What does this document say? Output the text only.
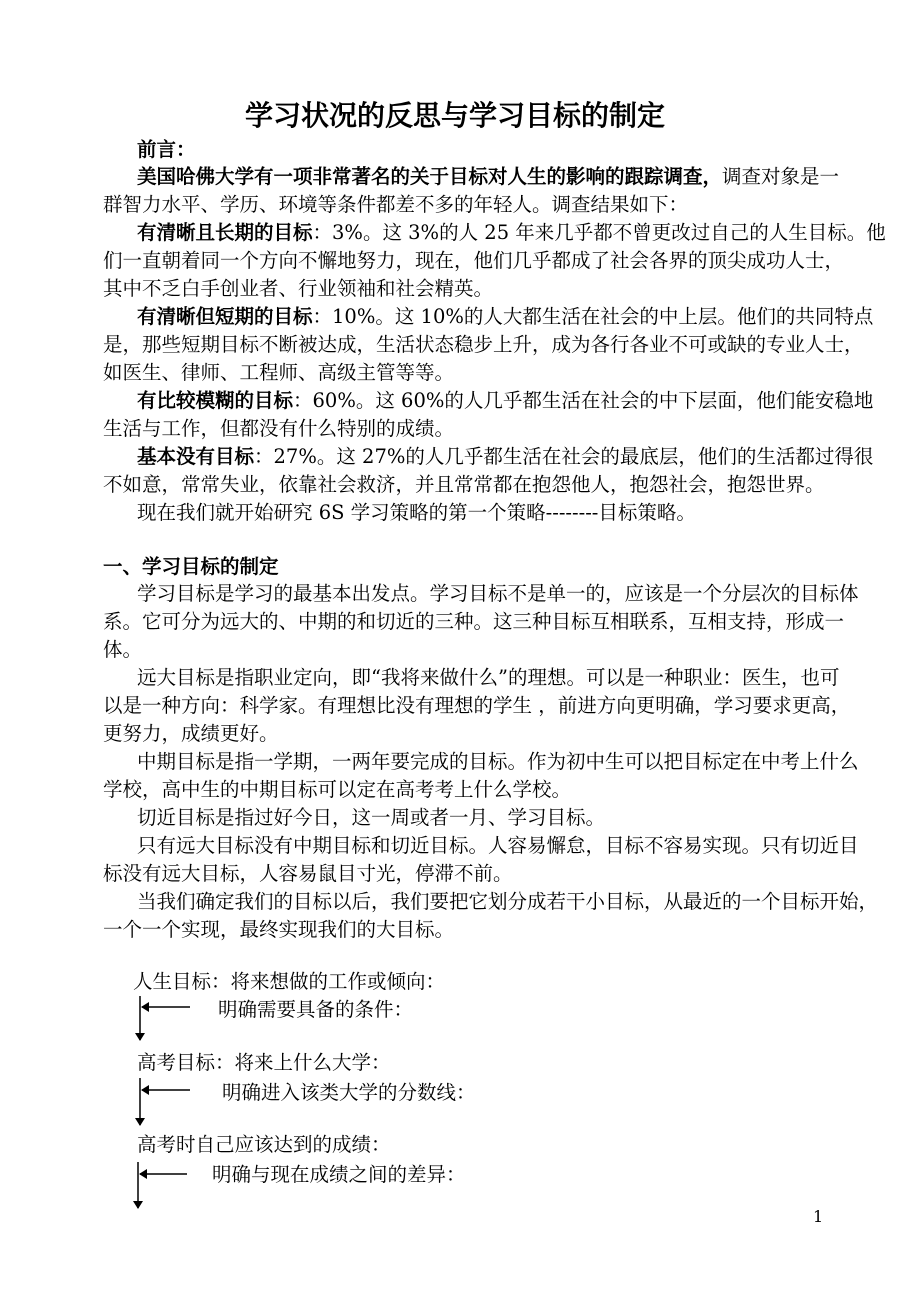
学习状况的反思与学习目标的制定
前言：
美国哈佛大学有一项非常著名的关于目标对人生的影响的跟踪调查，调查对象是一
群智力水平、学历、环境等条件都差不多的年轻人。调查结果如下：
有清晰且长期的目标：3%。这 3%的人 25 年来几乎都不曾更改过自己的人生目标。他
们一直朝着同一个方向不懈地努力，现在，他们几乎都成了社会各界的顶尖成功人士，
其中不乏白手创业者、行业领袖和社会精英。
有清晰但短期的目标：10%。这 10%的人大都生活在社会的中上层。他们的共同特点
是，那些短期目标不断被达成，生活状态稳步上升，成为各行各业不可或缺的专业人士，
如医生、律师、工程师、高级主管等等。
有比较模糊的目标：60%。这 60%的人几乎都生活在社会的中下层面，他们能安稳地
生活与工作，但都没有什么特别的成绩。
基本没有目标：27%。这 27%的人几乎都生活在社会的最底层，他们的生活都过得很
不如意，常常失业，依靠社会救济，并且常常都在抱怨他人，抱怨社会，抱怨世界。
现在我们就开始研究 6S 学习策略的第一个策略--------目标策略。
一、学习目标的制定
学习目标是学习的最基本出发点。学习目标不是单一的，应该是一个分层次的目标体
系。它可分为远大的、中期的和切近的三种。这三种目标互相联系，互相支持，形成一
体。
远大目标是指职业定向，即“我将来做什么”的理想。可以是一种职业：医生，也可
以是一种方向：科学家。有理想比没有理想的学生 ，前进方向更明确，学习要求更高，
更努力，成绩更好。
中期目标是指一学期，一两年要完成的目标。作为初中生可以把目标定在中考上什么
学校，高中生的中期目标可以定在高考考上什么学校。
切近目标是指过好今日，这一周或者一月、学习目标。
只有远大目标没有中期目标和切近目标。人容易懈怠，目标不容易实现。只有切近目
标没有远大目标，人容易鼠目寸光，停滞不前。
当我们确定我们的目标以后，我们要把它划分成若干小目标，从最近的一个目标开始，
一个一个实现，最终实现我们的大目标。
人生目标：将来想做的工作或倾向：
明确需要具备的条件：
高考目标：将来上什么大学：
明确进入该类大学的分数线：
高考时自己应该达到的成绩：
明确与现在成绩之间的差异：
1
